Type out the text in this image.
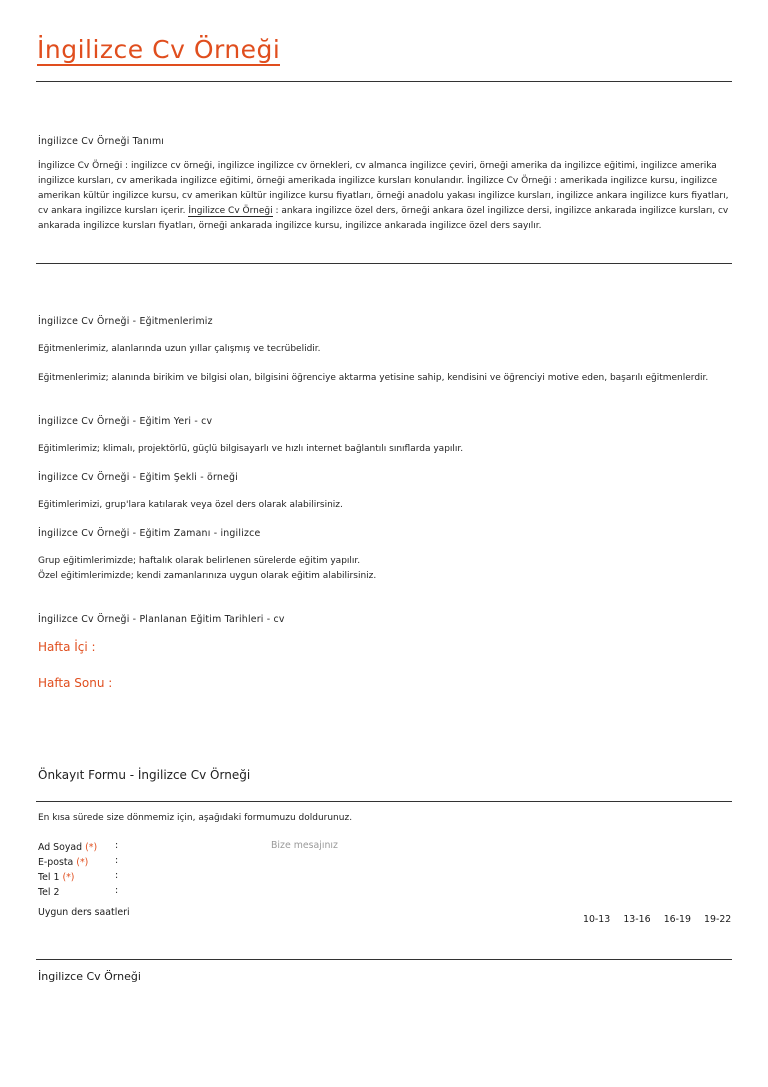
İngilizce Cv Örneği
İngilizce Cv Örneği Tanımı
İngilizce Cv Örneği : ingilizce cv örneği, ingilizce ingilizce cv örnekleri, cv almanca ingilizce çeviri, örneği amerika da ingilizce eğitimi, ingilizce amerika ingilizce kursları, cv amerikada ingilizce eğitimi, örneği amerikada ingilizce kursları konularıdır. İngilizce Cv Örneği : amerikada ingilizce kursu, ingilizce amerikan kültür ingilizce kursu, cv amerikan kültür ingilizce kursu fiyatları, örneği anadolu yakası ingilizce kursları, ingilizce ankara ingilizce kurs fiyatları, cv ankara ingilizce kursları içerir. İngilizce Cv Örneği : ankara ingilizce özel ders, örneği ankara özel ingilizce dersi, ingilizce ankarada ingilizce kursları, cv ankarada ingilizce kursları fiyatları, örneği ankarada ingilizce kursu, ingilizce ankarada ingilizce özel ders sayılır.
İngilizce Cv Örneği - Eğitmenlerimiz
Eğitmenlerimiz, alanlarında uzun yıllar çalışmış ve tecrübelidir.
Eğitmenlerimiz; alanında birikim ve bilgisi olan, bilgisini öğrenciye aktarma yetisine sahip, kendisini ve öğrenciyi motive eden, başarılı eğitmenlerdir.
İngilizce Cv Örneği - Eğitim Yeri - cv
Eğitimlerimiz; klimalı, projektörlü, güçlü bilgisayarlı ve hızlı internet bağlantılı sınıflarda yapılır.
İngilizce Cv Örneği - Eğitim Şekli - örneği
Eğitimlerimizi, grup'lara katılarak veya özel ders olarak alabilirsiniz.
İngilizce Cv Örneği - Eğitim Zamanı - ingilizce
Grup eğitimlerimizde; haftalık olarak belirlenen sürelerde eğitim yapılır.
Özel eğitimlerimizde; kendi zamanlarınıza uygun olarak eğitim alabilirsiniz.
İngilizce Cv Örneği - Planlanan Eğitim Tarihleri - cv
Hafta İçi :
Hafta Sonu :
Önkayıt Formu - İngilizce Cv Örneği
En kısa sürede size dönmemiz için, aşağıdaki formumuzu doldurunuz.
Ad Soyad (*) :
E-posta (*)	:
Tel 1 (*)	:
Tel 2	:
Bize mesajınız
Uygun ders saatleri
10-13 13-16 16-19 19-22
İngilizce Cv Örneği
